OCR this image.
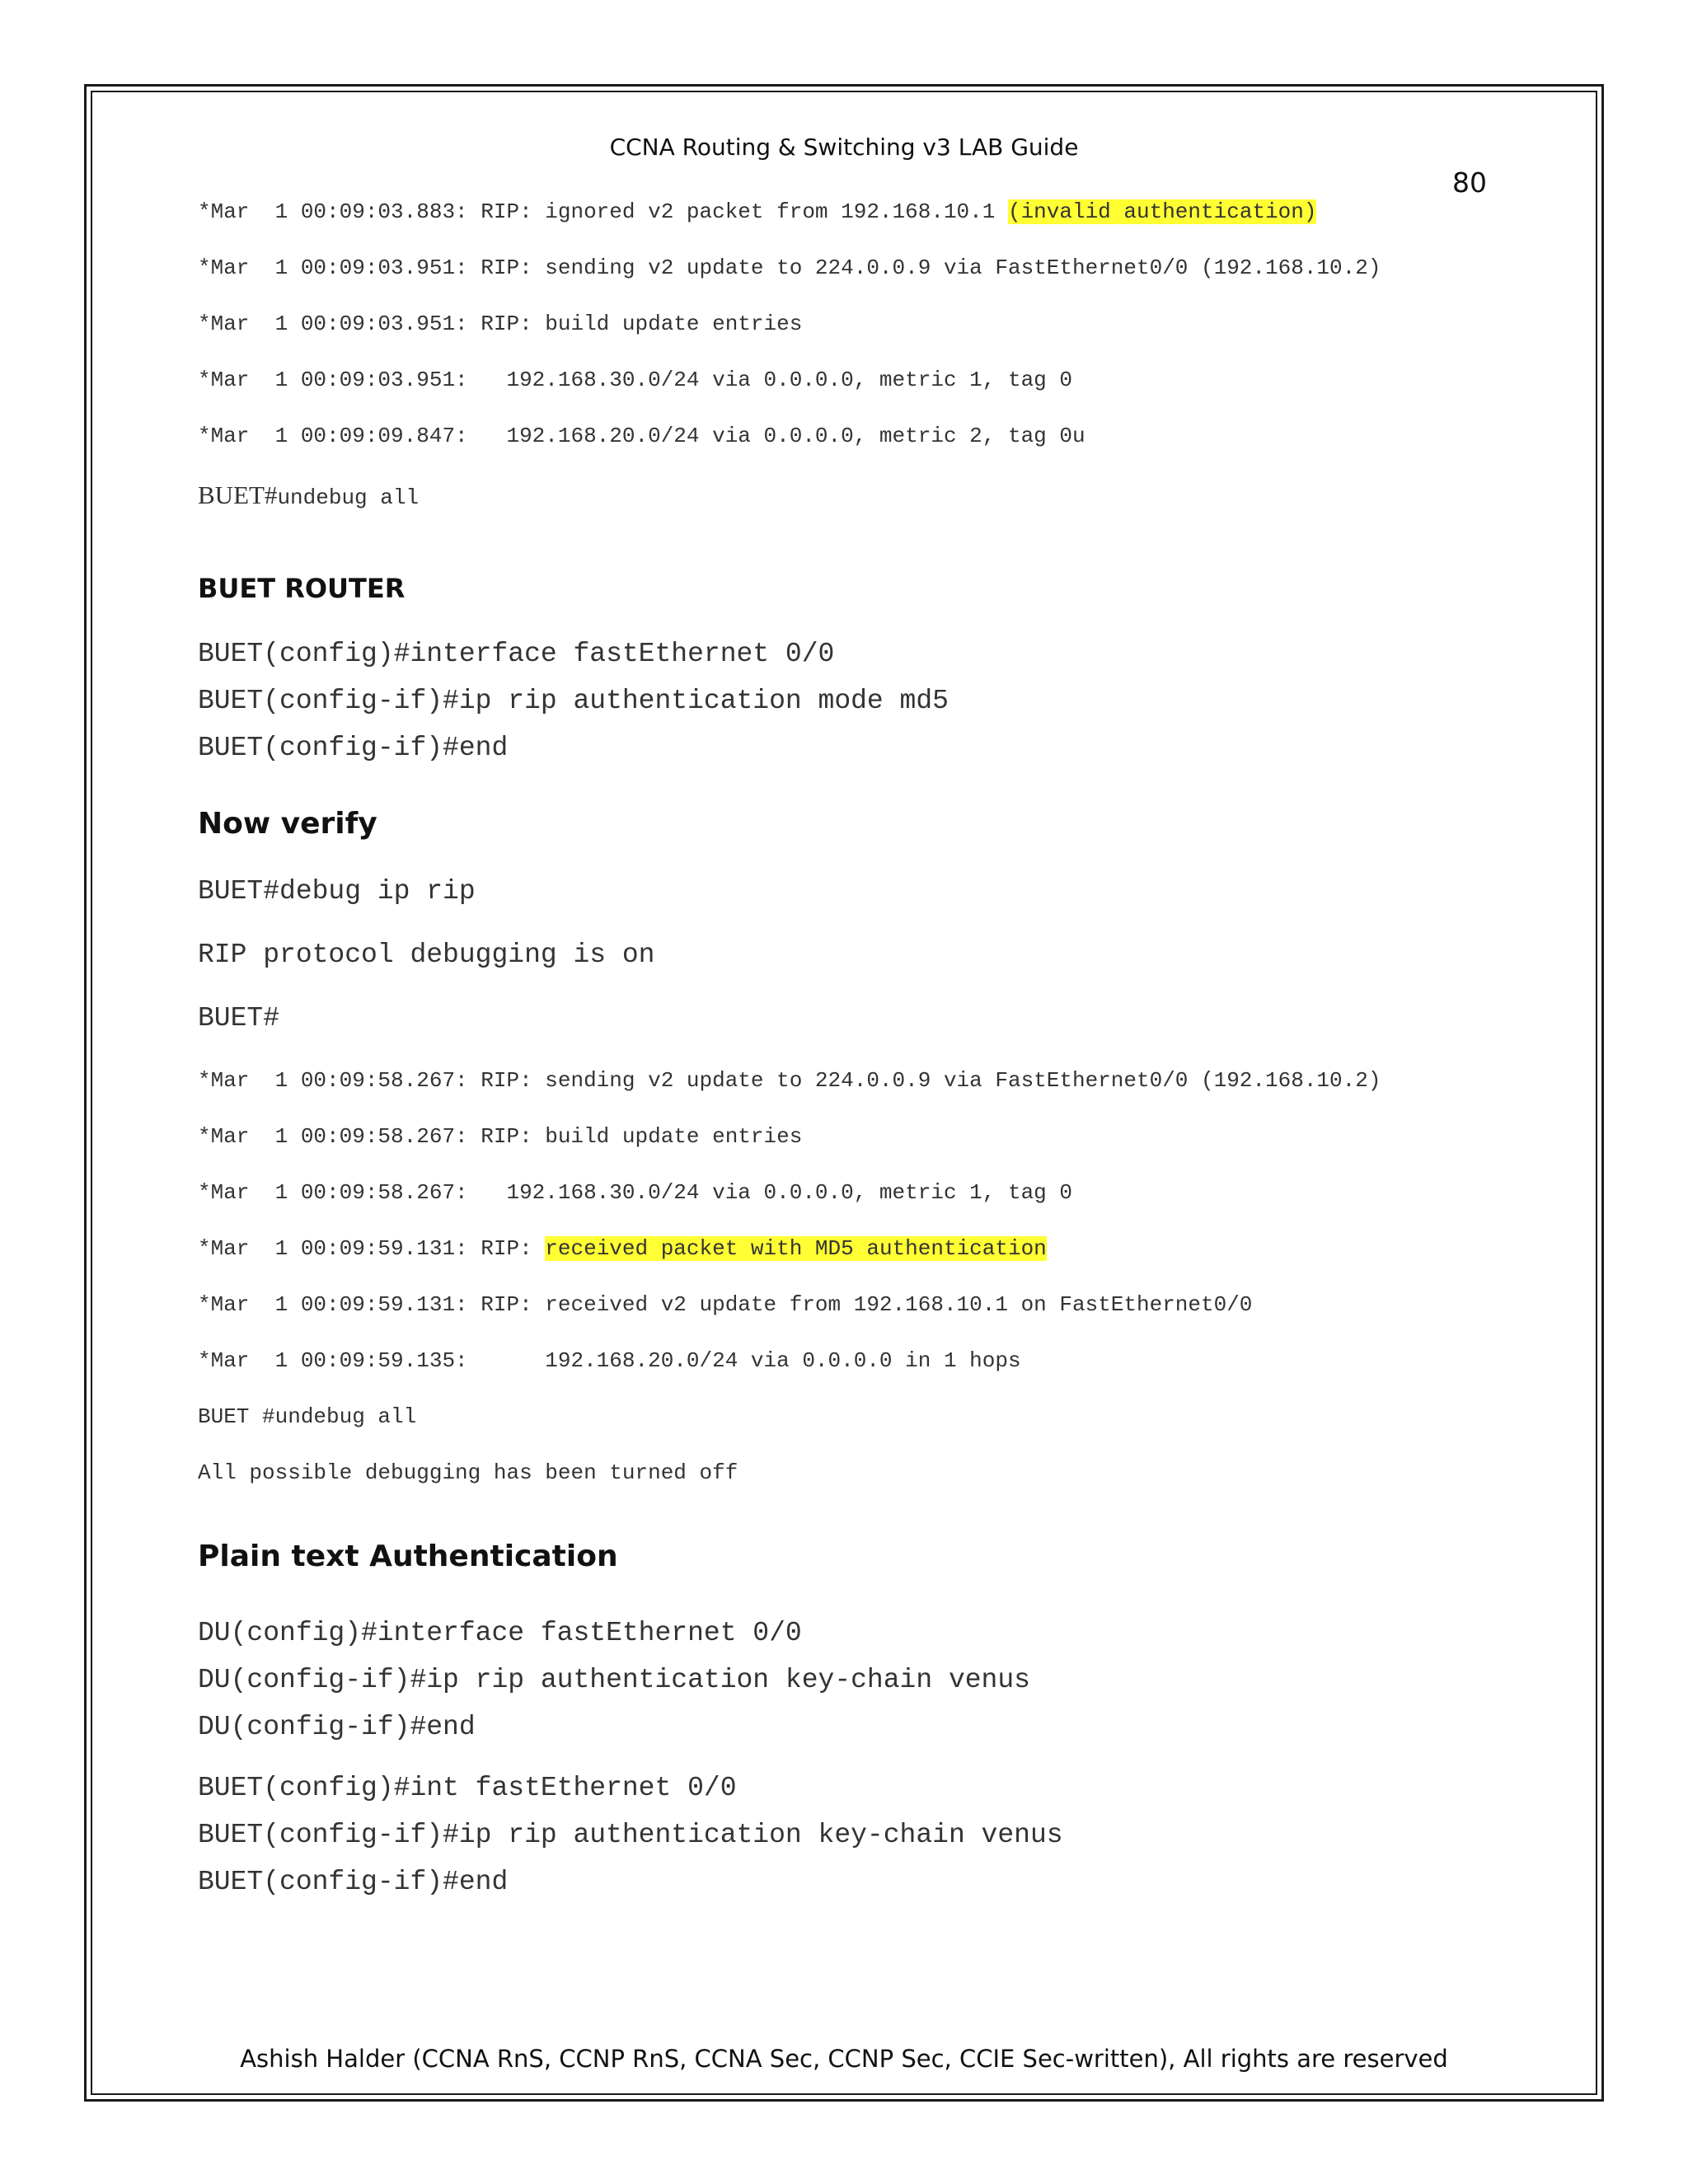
CCNA Routing & Switching v3 LAB Guide
80
*Mar  1 00:09:03.883: RIP: ignored v2 packet from 192.168.10.1 (invalid authentication)
*Mar  1 00:09:03.951: RIP: sending v2 update to 224.0.0.9 via FastEthernet0/0 (192.168.10.2)
*Mar  1 00:09:03.951: RIP: build update entries
*Mar  1 00:09:03.951:   192.168.30.0/24 via 0.0.0.0, metric 1, tag 0
*Mar  1 00:09:09.847:   192.168.20.0/24 via 0.0.0.0, metric 2, tag 0u
BUET#undebug all
BUET ROUTER
BUET(config)#interface fastEthernet 0/0
BUET(config-if)#ip rip authentication mode md5
BUET(config-if)#end
Now verify
BUET#debug ip rip
RIP protocol debugging is on
BUET#
*Mar  1 00:09:58.267: RIP: sending v2 update to 224.0.0.9 via FastEthernet0/0 (192.168.10.2)
*Mar  1 00:09:58.267: RIP: build update entries
*Mar  1 00:09:58.267:   192.168.30.0/24 via 0.0.0.0, metric 1, tag 0
*Mar  1 00:09:59.131: RIP: received packet with MD5 authentication
*Mar  1 00:09:59.131: RIP: received v2 update from 192.168.10.1 on FastEthernet0/0
*Mar  1 00:09:59.135:      192.168.20.0/24 via 0.0.0.0 in 1 hops
BUET #undebug all
All possible debugging has been turned off
Plain text Authentication
DU(config)#interface fastEthernet 0/0
DU(config-if)#ip rip authentication key-chain venus
DU(config-if)#end
BUET(config)#int fastEthernet 0/0
BUET(config-if)#ip rip authentication key-chain venus
BUET(config-if)#end
Ashish Halder (CCNA RnS, CCNP RnS, CCNA Sec, CCNP Sec, CCIE Sec-written), All rights are reserved
